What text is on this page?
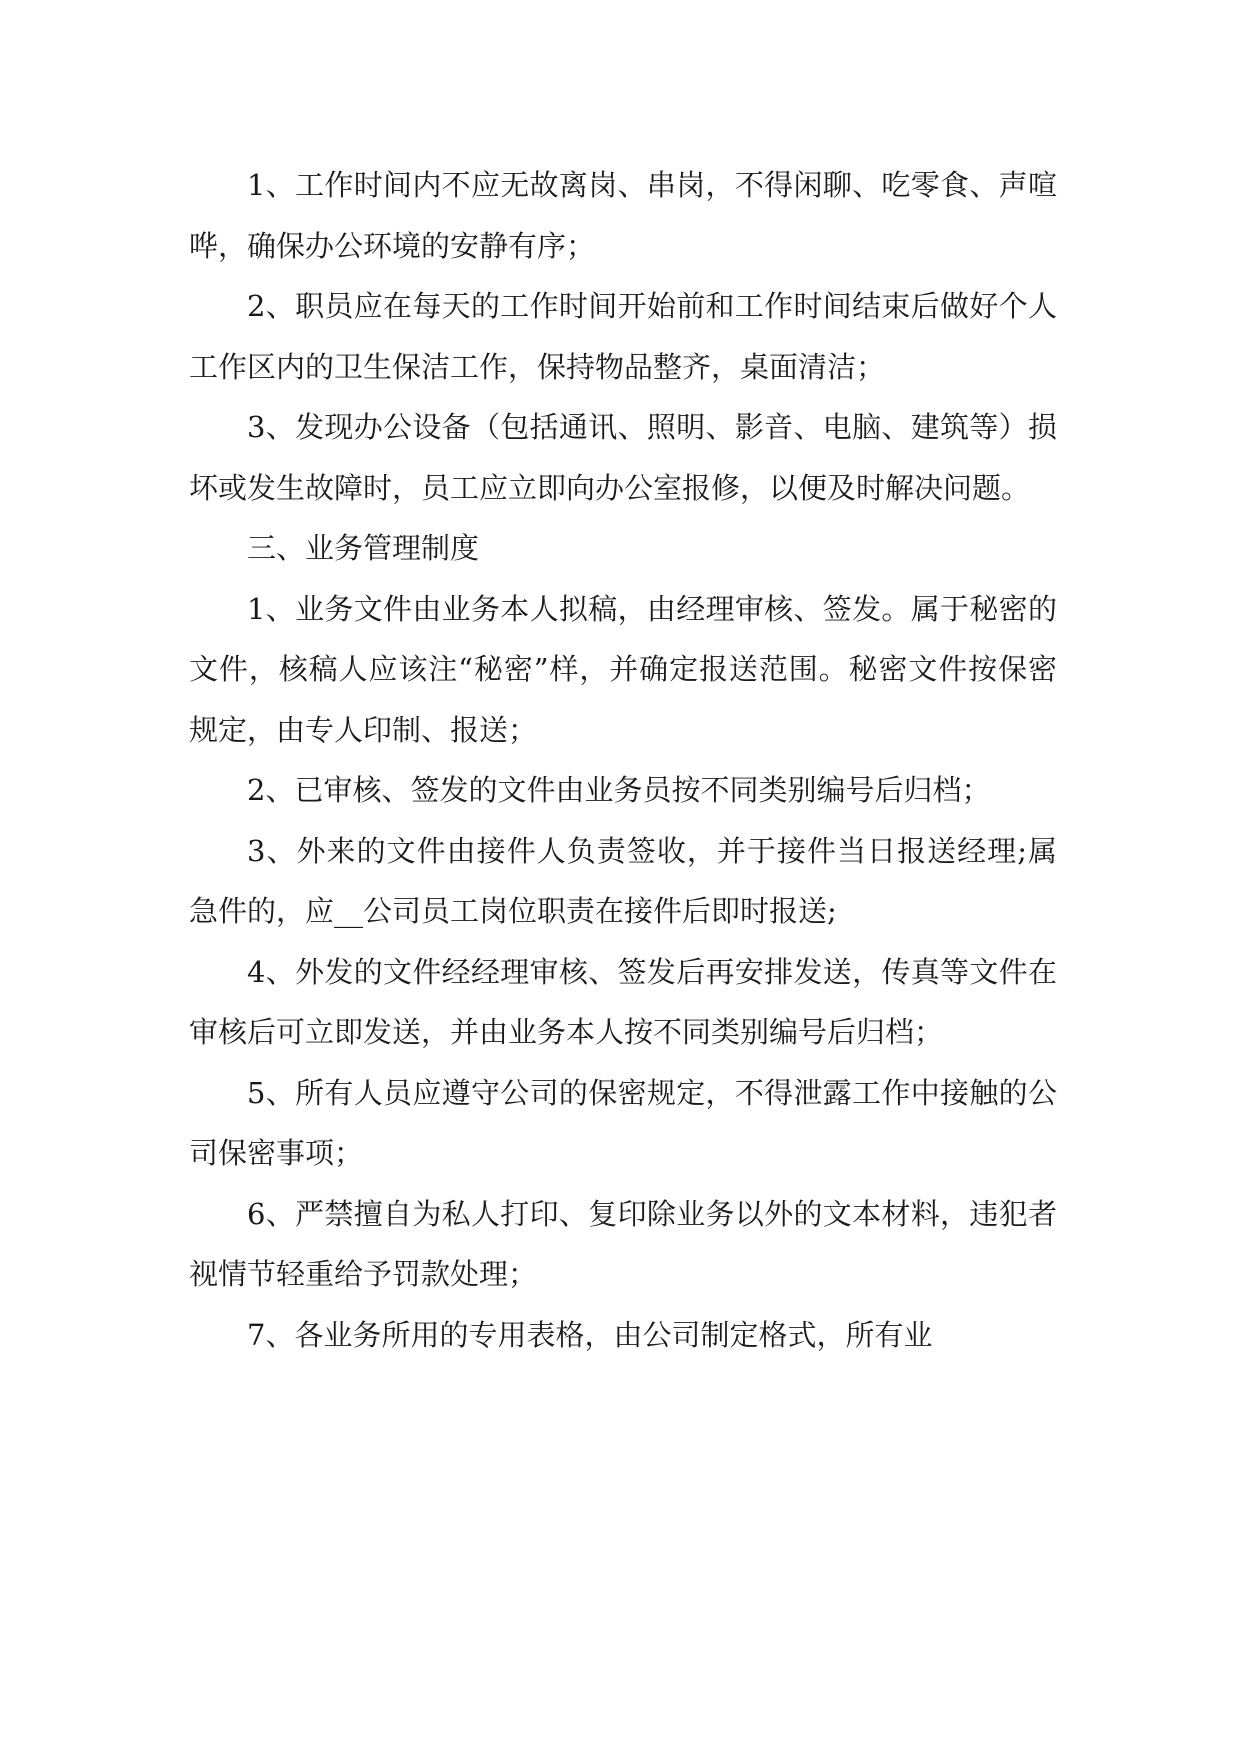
1、工作时间内不应无故离岗、串岗，不得闲聊、吃零食、声喧哗，确保办公环境的安静有序；

2、职员应在每天的工作时间开始前和工作时间结束后做好个人工作区内的卫生保洁工作，保持物品整齐，桌面清洁；

3、发现办公设备（包括通讯、照明、影音、电脑、建筑等）损坏或发生故障时，员工应立即向办公室报修，以便及时解决问题。

三、业务管理制度

1、业务文件由业务本人拟稿，由经理审核、签发。属于秘密的文件，核稿人应该注“秘密”样，并确定报送范围。秘密文件按保密规定，由专人印制、报送；

2、已审核、签发的文件由业务员按不同类别编号后归档；

3、外来的文件由接件人负责签收，并于接件当日报送经理;属急件的，应__公司员工岗位职责在接件后即时报送;

4、外发的文件经经理审核、签发后再安排发送，传真等文件在审核后可立即发送，并由业务本人按不同类别编号后归档；

5、所有人员应遵守公司的保密规定，不得泄露工作中接触的公司保密事项；

6、严禁擅自为私人打印、复印除业务以外的文本材料，违犯者视情节轻重给予罚款处理；

7、各业务所用的专用表格，由公司制定格式，所有业
